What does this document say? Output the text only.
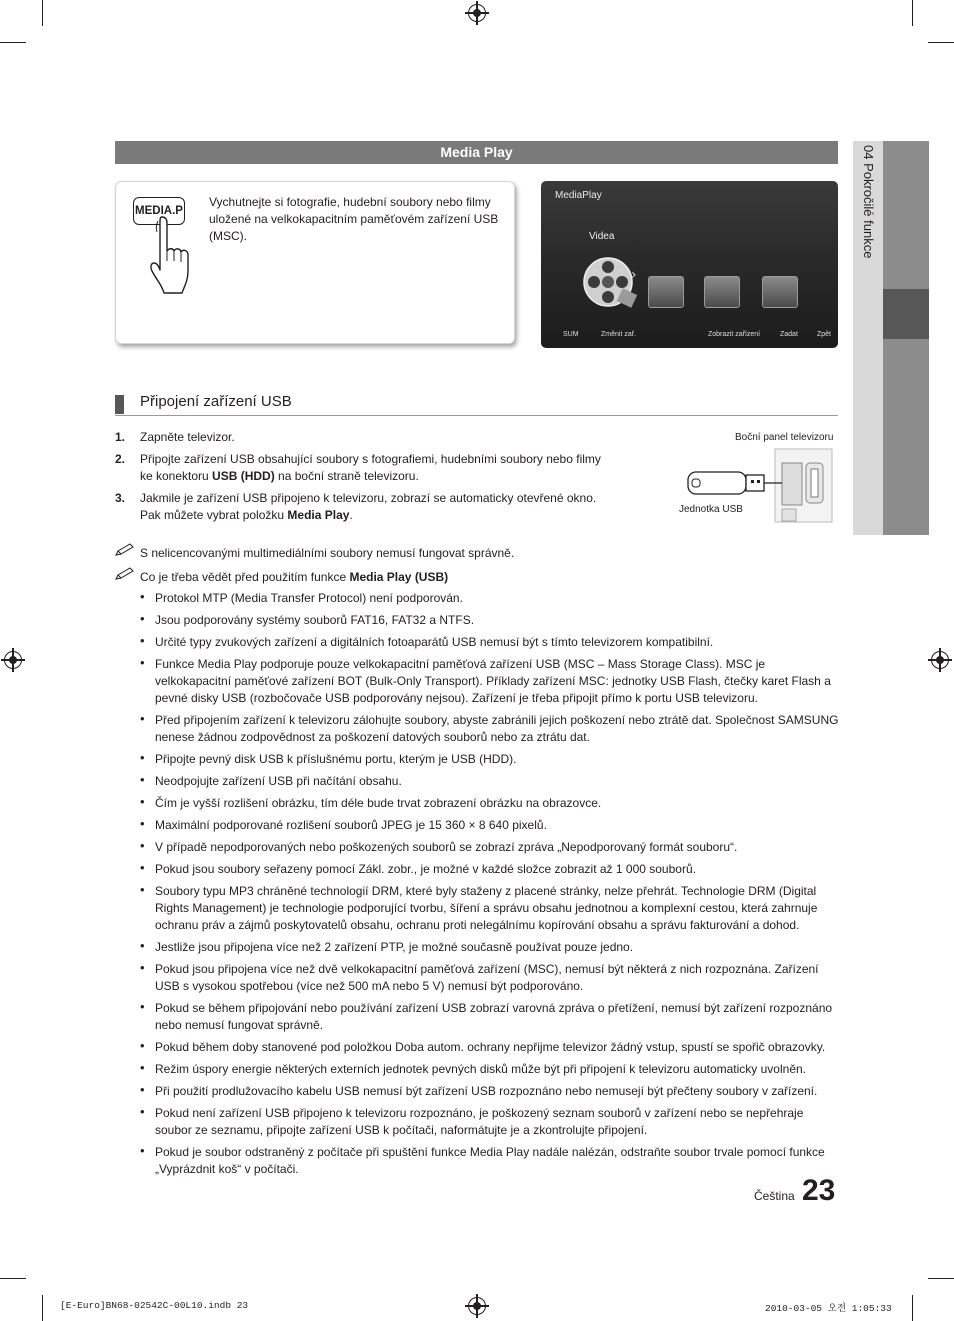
04 Pokročilé funkce
Media Play
MEDIA.P
Vychutnejte si fotografie, hudební soubory nebo filmy uložené na velkokapacitním paměťovém zařízení USB (MSC).
MediaPlay
Videa
›
SUM	Změnit zař.	Zobrazit zařízení	Zadat	Zpět
Připojení zařízení USB
1. Zapněte televizor.
2. Připojte zařízení USB obsahující soubory s fotografiemi, hudebními soubory nebo filmy ke konektoru USB (HDD) na boční straně televizoru.
3. Jakmile je zařízení USB připojeno k televizoru, zobrazí se automaticky otevřené okno. Pak můžete vybrat položku Media Play.
Boční panel televizoru
Jednotka USB
S nelicencovanými multimediálními soubory nemusí fungovat správně.
Co je třeba vědět před použitím funkce Media Play (USB)
• Protokol MTP (Media Transfer Protocol) není podporován.
• Jsou podporovány systémy souborů FAT16, FAT32 a NTFS.
• Určité typy zvukových zařízení a digitálních fotoaparátů USB nemusí být s tímto televizorem kompatibilní.
• Funkce Media Play podporuje pouze velkokapacitní paměťová zařízení USB (MSC – Mass Storage Class). MSC je velkokapacitní paměťové zařízení BOT (Bulk-Only Transport). Příklady zařízení MSC: jednotky USB Flash, čtečky karet Flash a pevné disky USB (rozbočovače USB podporovány nejsou). Zařízení je třeba připojit přímo k portu USB televizoru.
• Před připojením zařízení k televizoru zálohujte soubory, abyste zabránili jejich poškození nebo ztrátě dat. Společnost SAMSUNG nenese žádnou zodpovědnost za poškození datových souborů nebo za ztrátu dat.
• Připojte pevný disk USB k příslušnému portu, kterým je USB (HDD).
• Neodpojujte zařízení USB při načítání obsahu.
• Čím je vyšší rozlišení obrázku, tím déle bude trvat zobrazení obrázku na obrazovce.
• Maximální podporované rozlišení souborů JPEG je 15 360 × 8 640 pixelů.
• V případě nepodporovaných nebo poškozených souborů se zobrazí zpráva „Nepodporovaný formát souboru“.
• Pokud jsou soubory seřazeny pomocí Zákl. zobr., je možné v každé složce zobrazit až 1 000 souborů.
• Soubory typu MP3 chráněné technologií DRM, které byly staženy z placené stránky, nelze přehrát. Technologie DRM (Digital Rights Management) je technologie podporující tvorbu, šíření a správu obsahu jednotnou a komplexní cestou, která zahrnuje ochranu práv a zájmů poskytovatelů obsahu, ochranu proti nelegálnímu kopírování obsahu a správu fakturování a dohod.
• Jestliže jsou připojena více než 2 zařízení PTP, je možné současně používat pouze jedno.
• Pokud jsou připojena více než dvě velkokapacitní paměťová zařízení (MSC), nemusí být některá z nich rozpoznána. Zařízení USB s vysokou spotřebou (více než 500 mA nebo 5 V) nemusí být podporováno.
• Pokud se během připojování nebo používání zařízení USB zobrazí varovná zpráva o přetížení, nemusí být zařízení rozpoznáno nebo nemusí fungovat správně.
• Pokud během doby stanovené pod položkou Doba autom. ochrany nepřijme televizor žádný vstup, spustí se spořič obrazovky.
• Režim úspory energie některých externích jednotek pevných disků může být při připojení k televizoru automaticky uvolněn.
• Při použití prodlužovacího kabelu USB nemusí být zařízení USB rozpoznáno nebo nemusejí být přečteny soubory v zařízení.
• Pokud není zařízení USB připojeno k televizoru rozpoznáno, je poškozený seznam souborů v zařízení nebo se nepřehraje soubor ze seznamu, připojte zařízení USB k počítači, naformátujte je a zkontrolujte připojení.
• Pokud je soubor odstraněný z počítače při spuštění funkce Media Play nadále nalézán, odstraňte soubor trvale pomocí funkce „Vyprázdnit koš“ v počítači.
Čeština 23
[E-Euro]BN68-02542C-00L10.indb 23	2010-03-05 오전 1:05:33
